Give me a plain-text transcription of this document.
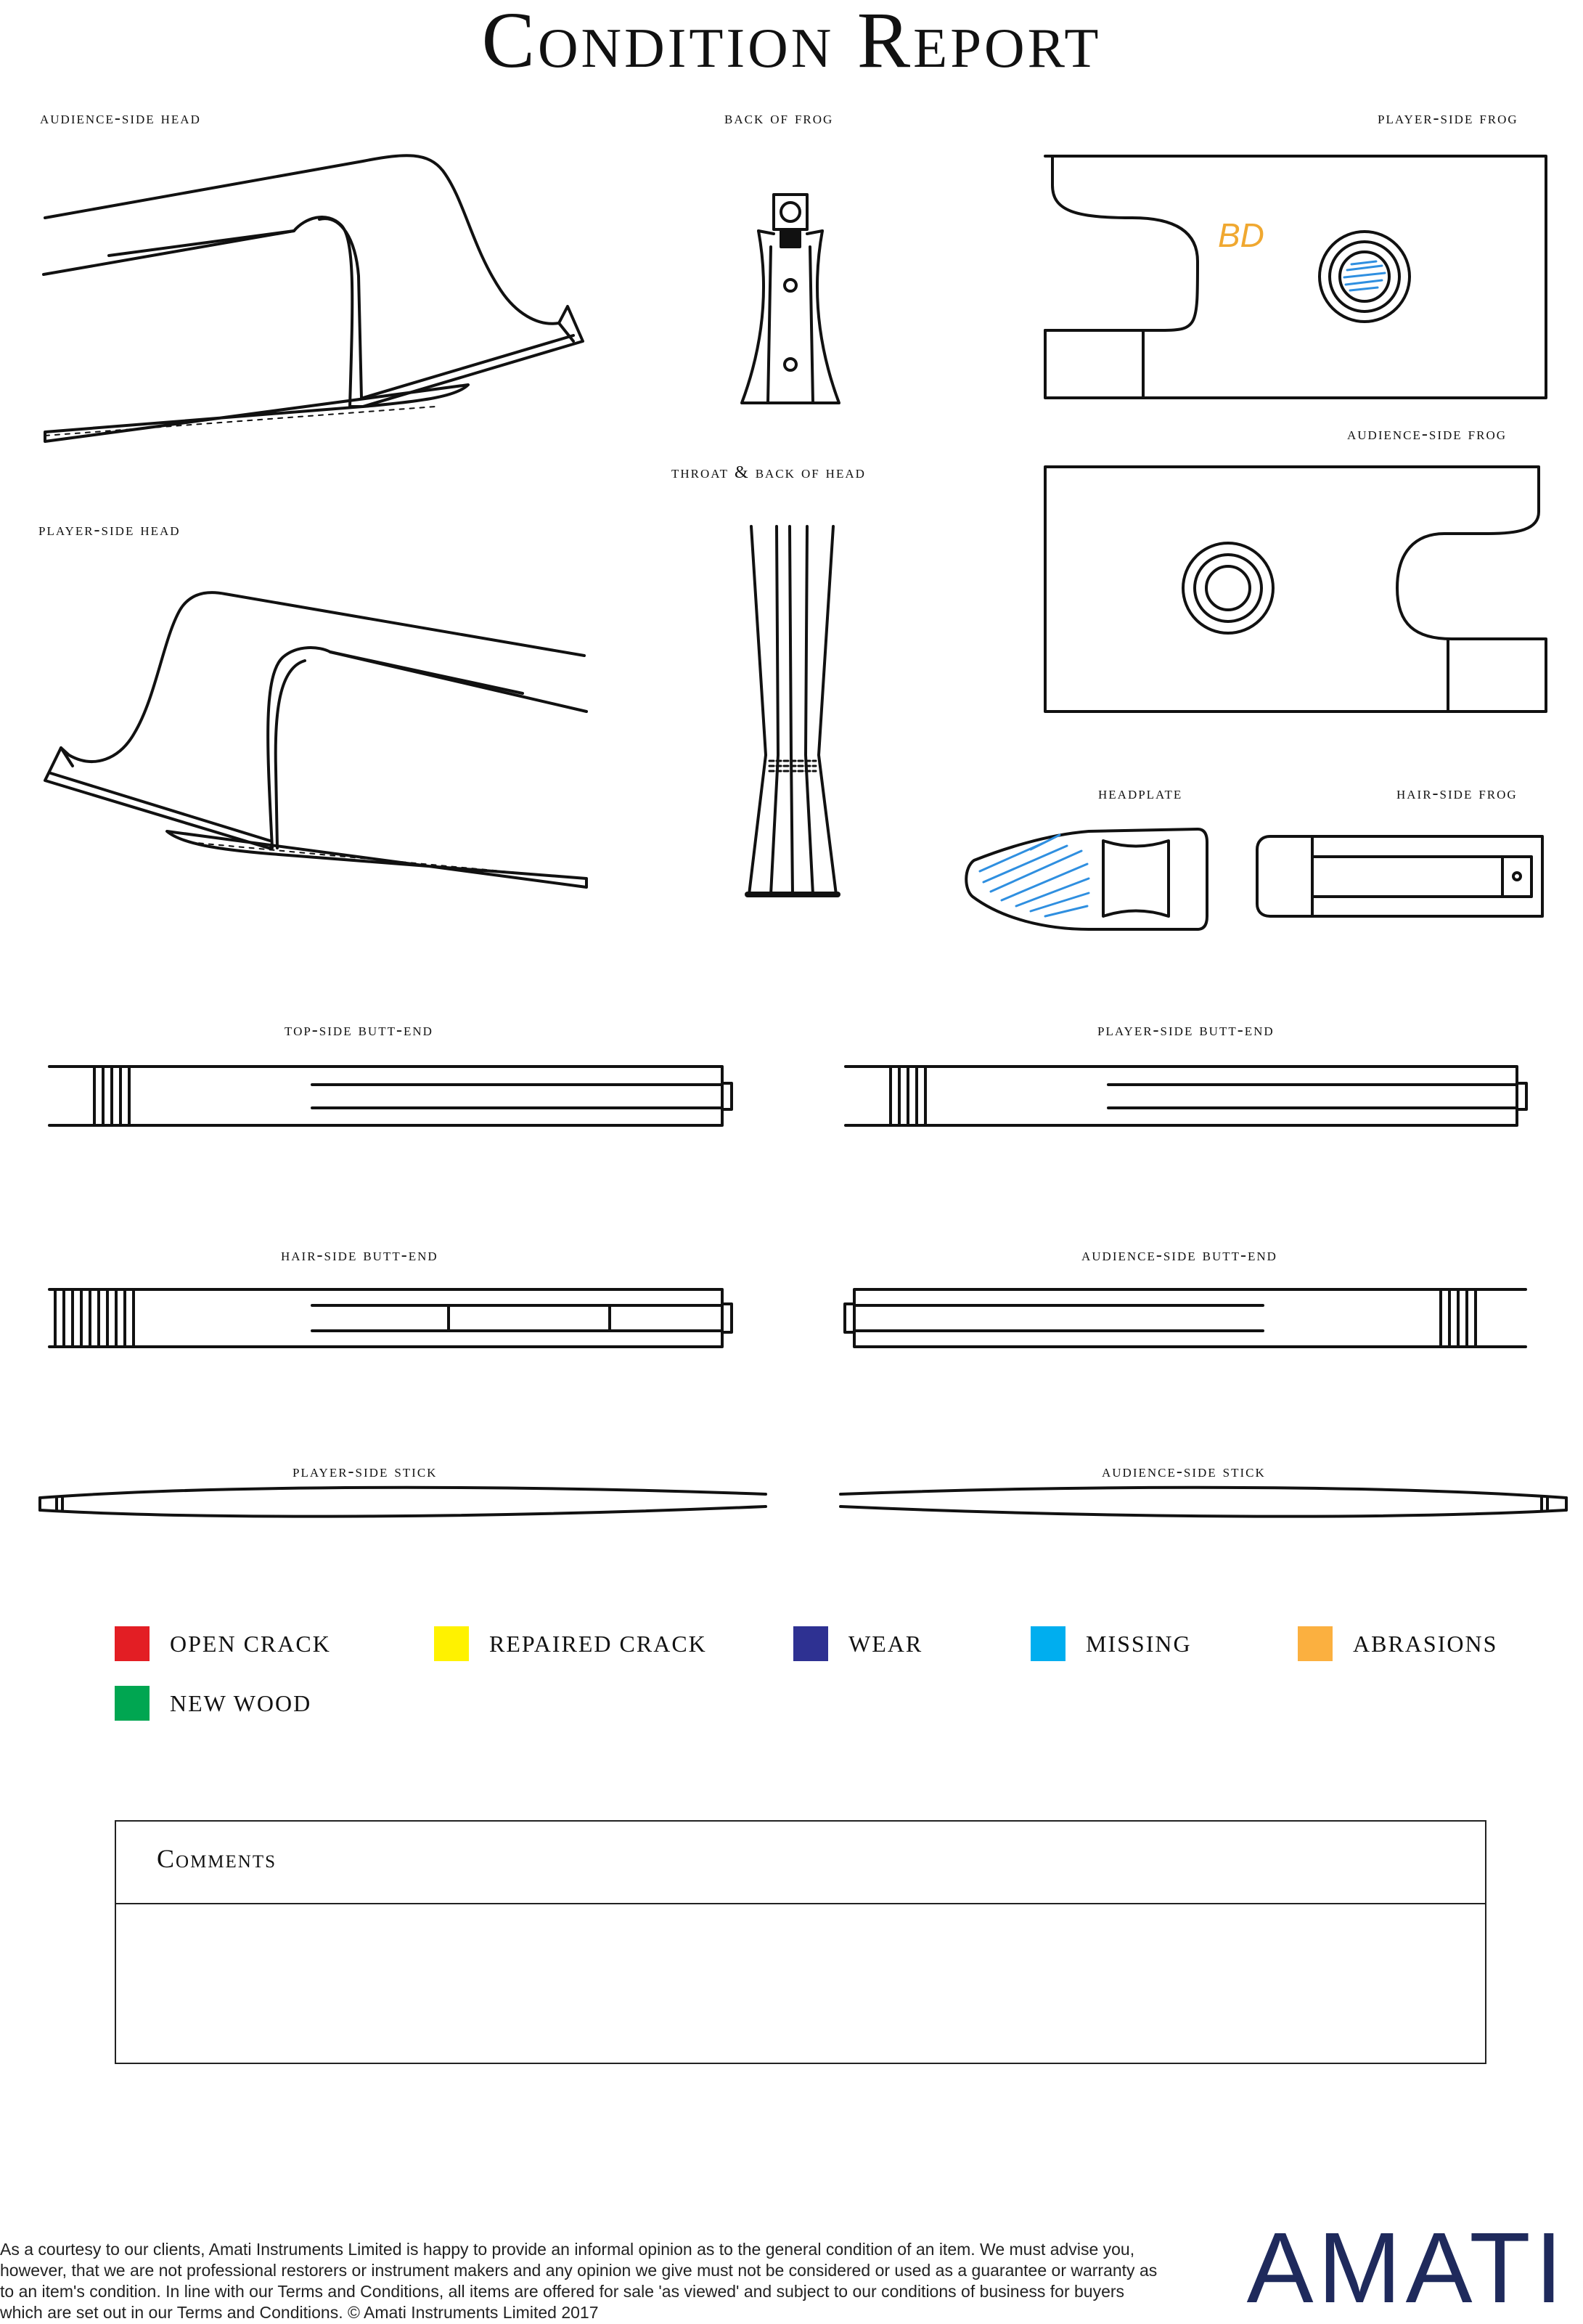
Condition Report
audience-side head	back of frog	player-side frog
audience-side frog
throat & back of head
player-side head
headplate	hair-side frog
top-side butt-end	player-side butt-end
hair-side butt-end	audience-side butt-end
player-side stick	audience-side stick
BD
OPEN CRACK	REPAIRED CRACK	WEAR	MISSING	ABRASIONS
NEW WOOD
Comments
As a courtesy to our clients, Amati Instruments Limited is happy to provide an informal opinion as to the general condition of an item. We must advise you, however, that we are not professional restorers or instrument makers and any opinion we give must not be considered or used as a guarantee or warranty as to an item's condition. In line with our Terms and Conditions, all items are offered for sale 'as viewed' and subject to our conditions of business for buyers which are set out in our Terms and Conditions. © Amati Instruments Limited 2017	AMATI
